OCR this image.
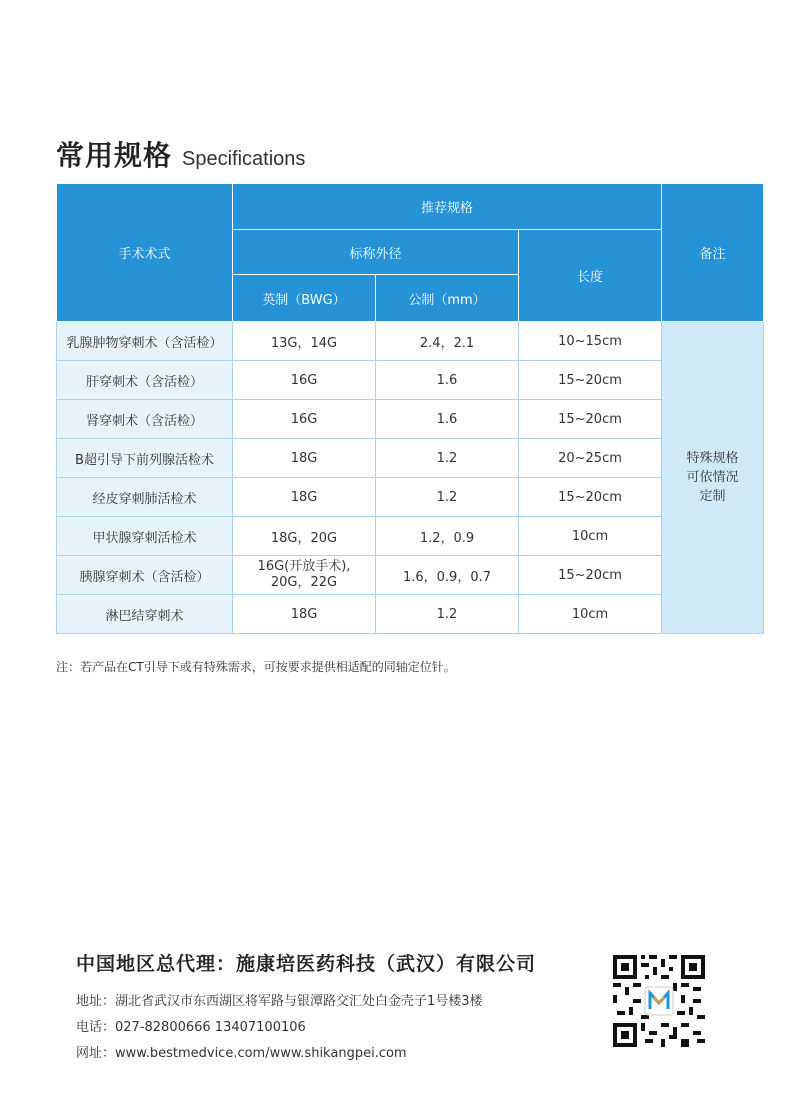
常用规格 Specifications
手术术式	推荐规格			备注
	标称外径		长度	
	英制（BWG）	公制（mm）		
乳腺肿物穿刺术（含活检）	13G，14G	2.4，2.1	10~15cm	特殊规格
可依情况
定制

肝穿刺术（含活检）	16G	1.6	15~20cm	
肾穿刺术（含活检）	16G	1.6	15~20cm	
B超引导下前列腺活检术	18G	1.2	20~25cm	
经皮穿刺肺活检术	18G	1.2	15~20cm	
甲状腺穿刺活检术	18G，20G	1.2，0.9	10cm	
胰腺穿刺术（含活检）	16G(开放手术),
20G，22G	1.6，0.9，0.7	15~20cm	
淋巴结穿刺术	18G	1.2	10cm	
注：若产品在CT引导下或有特殊需求，可按要求提供相适配的同轴定位针。
中国地区总代理：施康培医药科技（武汉）有限公司
地址：湖北省武汉市东西湖区将军路与银潭路交汇处白金壳子1号楼3楼
电话：027-82800666 13407100106
网址：www.bestmedvice.com/www.shikangpei.com
